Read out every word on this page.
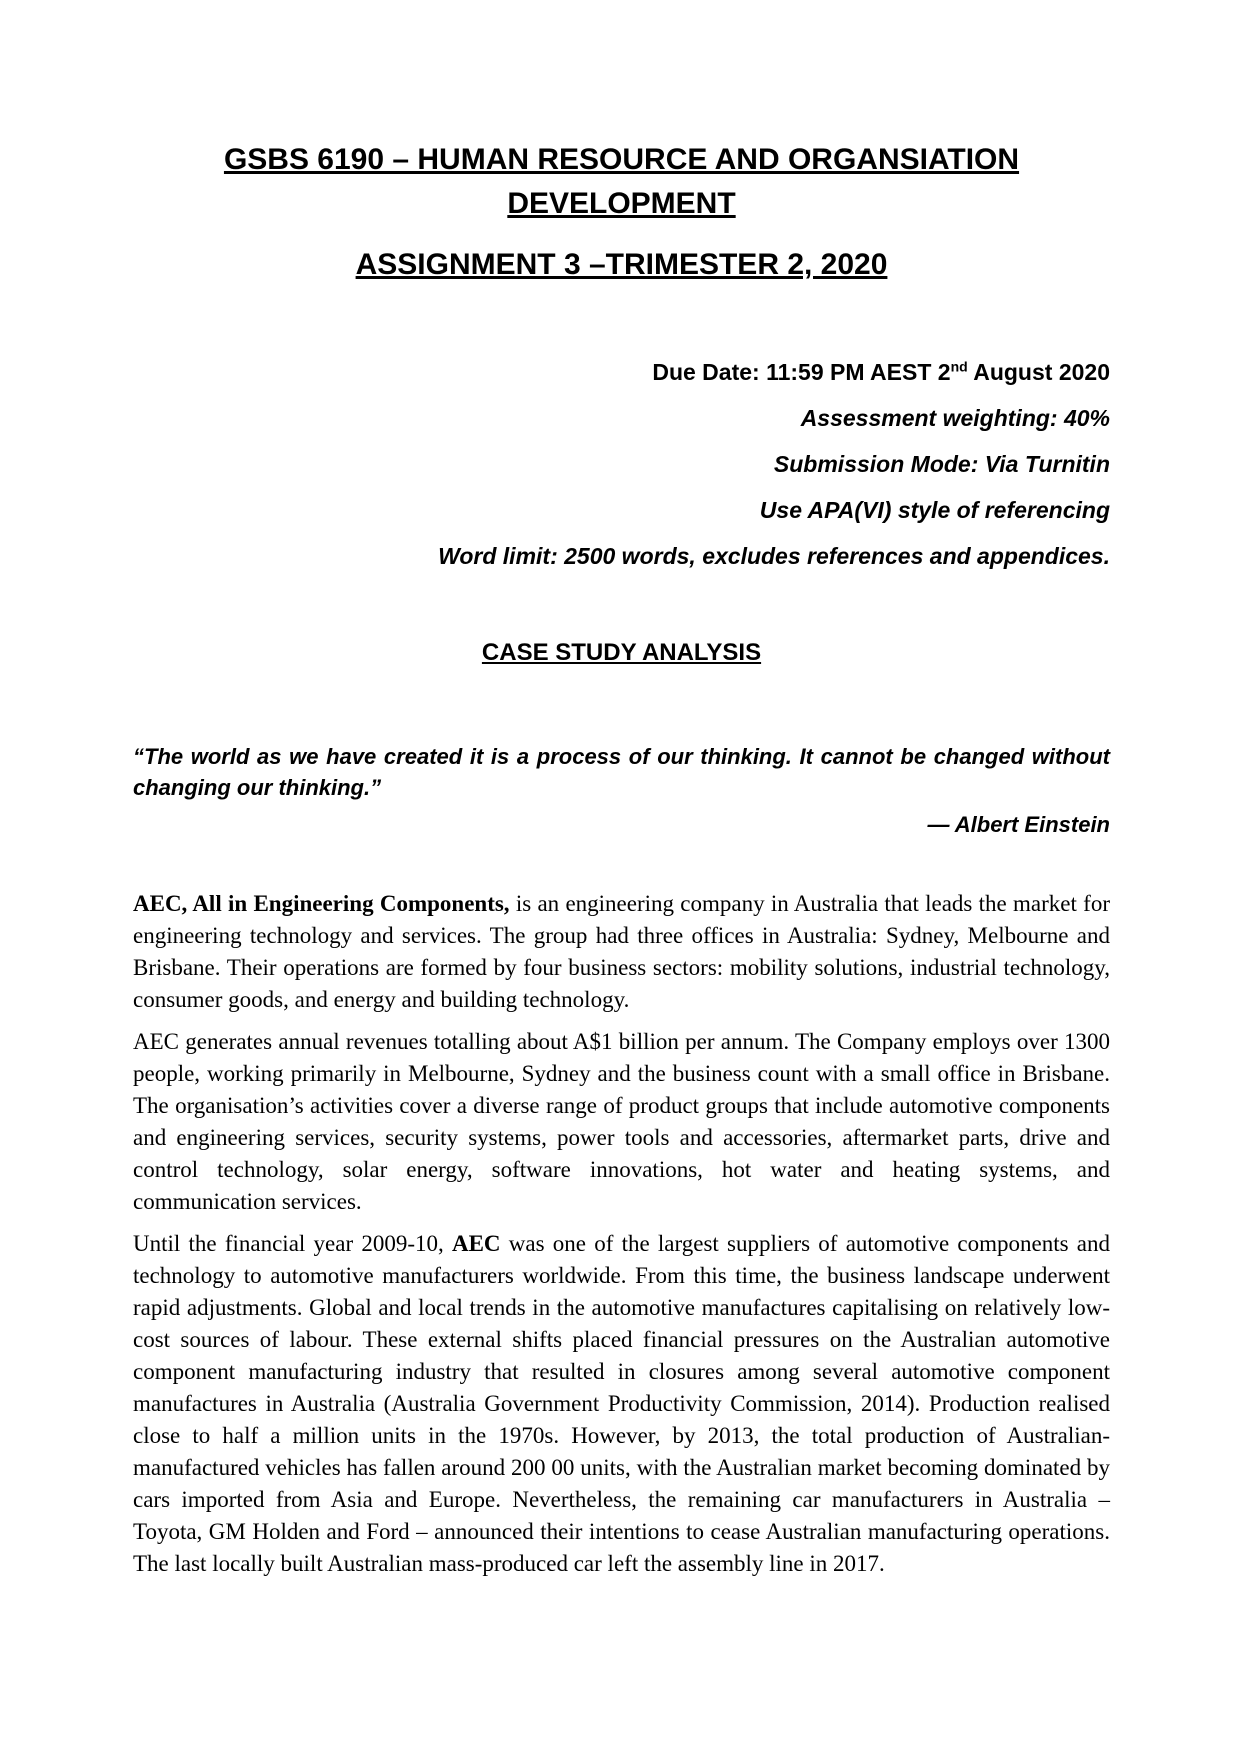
GSBS 6190 – HUMAN RESOURCE AND ORGANSIATION
DEVELOPMENT
ASSIGNMENT 3 –TRIMESTER 2, 2020

Due Date: 11:59 PM AEST 2nd August 2020

Assessment weighting: 40%

Submission Mode: Via Turnitin

Use APA(VI) style of referencing

Word limit: 2500 words, excludes references and appendices.

CASE STUDY ANALYSIS

“The world as we have created it is a process of our thinking. It cannot be changed without changing our thinking.”

— Albert Einstein

AEC, All in Engineering Components, is an engineering company in Australia that leads the market for engineering technology and services. The group had three offices in Australia: Sydney, Melbourne and Brisbane. Their operations are formed by four business sectors: mobility solutions, industrial technology, consumer goods, and energy and building technology.

AEC generates annual revenues totalling about A$1 billion per annum. The Company employs over 1300 people, working primarily in Melbourne, Sydney and the business count with a small office in Brisbane. The organisation’s activities cover a diverse range of product groups that include automotive components and engineering services, security systems, power tools and accessories, aftermarket parts, drive and control technology, solar energy, software innovations, hot water and heating systems, and communication services.

Until the financial year 2009-10, AEC was one of the largest suppliers of automotive components and technology to automotive manufacturers worldwide. From this time, the business landscape underwent rapid adjustments. Global and local trends in the automotive manufactures capitalising on relatively low-cost sources of labour. These external shifts placed financial pressures on the Australian automotive component manufacturing industry that resulted in closures among several automotive component manufactures in Australia (Australia Government Productivity Commission, 2014). Production realised close to half a million units in the 1970s. However, by 2013, the total production of Australian-manufactured vehicles has fallen around 200 00 units, with the Australian market becoming dominated by cars imported from Asia and Europe. Nevertheless, the remaining car manufacturers in Australia – Toyota, GM Holden and Ford – announced their intentions to cease Australian manufacturing operations. The last locally built Australian mass-produced car left the assembly line in 2017.
